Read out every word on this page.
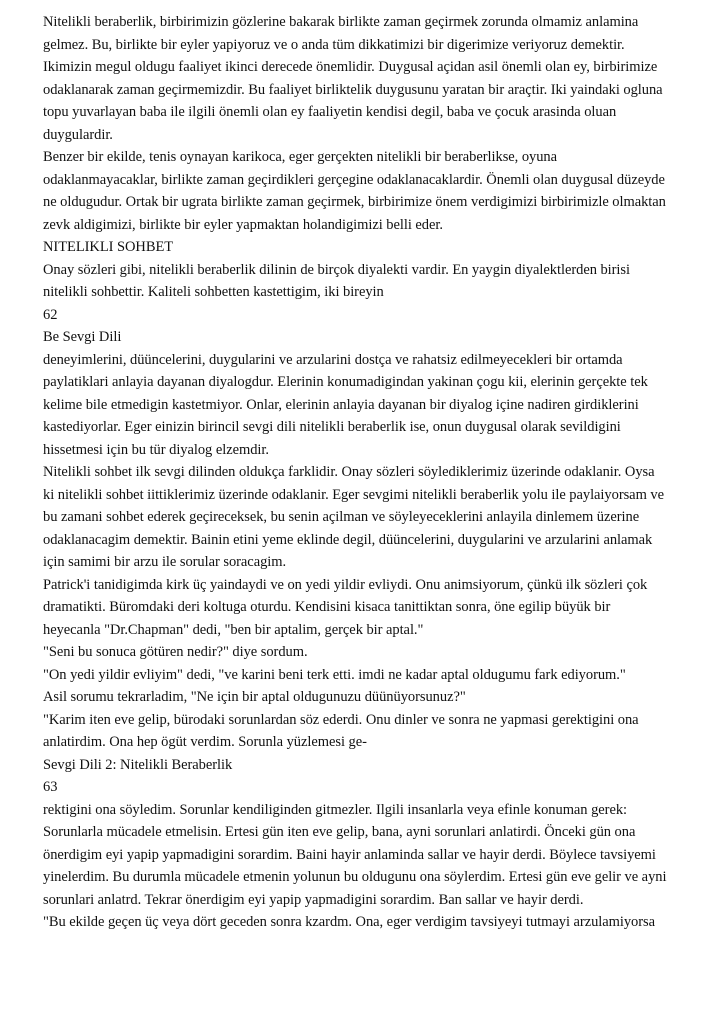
Nitelikli beraberlik, birbirimizin gözlerine bakarak birlikte zaman geçirmek zorunda olmamiz anlamina
gelmez. Bu, birlikte bir eyler yapiyoruz ve o anda tüm dikkatimizi bir digerimize veriyoruz demektir.
Ikimizin megul oldugu faaliyet ikinci derecede önemlidir. Duygusal açidan asil önemli olan ey, birbirimize
odaklanarak zaman geçirmemizdir. Bu faaliyet birliktelik duygusunu yaratan bir araçtir. Iki yaindaki ogluna
topu yuvarlayan baba ile ilgili önemli olan ey faaliyetin kendisi degil, baba ve çocuk arasinda oluan
duygulardir.
Benzer bir ekilde, tenis oynayan karikoca, eger gerçekten nitelikli bir beraberlikse, oyuna
odaklanmayacaklar, birlikte zaman geçirdikleri gerçegine odaklanacaklardir. Önemli olan duygusal düzeyde
ne oldugudur. Ortak bir ugrata birlikte zaman geçirmek, birbirimize önem verdigimizi birbirimizle olmaktan
zevk aldigimizi, birlikte bir eyler yapmaktan holandigimizi belli eder.
NITELIKLI SOHBET
Onay sözleri gibi, nitelikli beraberlik dilinin de birçok diyalekti vardir. En yaygin diyalektlerden birisi
nitelikli sohbettir. Kaliteli sohbetten kastettigim, iki bireyin
62
Be Sevgi Dili
deneyimlerini, düüncelerini, duygularini ve arzularini dostça ve rahatsiz edilmeyecekleri bir ortamda
paylatiklari anlayia dayanan diyalogdur. Elerinin konumadigindan yakinan çogu kii, elerinin gerçekte tek
kelime bile etmedigin kastetmiyor. Onlar, elerinin anlayia dayanan bir diyalog içine nadiren girdiklerini
kastediyorlar. Eger einizin birincil sevgi dili nitelikli beraberlik ise, onun duygusal olarak sevildigini
hissetmesi için bu tür diyalog elzemdir.
Nitelikli sohbet ilk sevgi dilinden oldukça farklidir. Onay sözleri söylediklerimiz üzerinde odaklanir. Oysa
ki nitelikli sohbet iittiklerimiz üzerinde odaklanir. Eger sevgimi nitelikli beraberlik yolu ile paylaiyorsam ve
bu zamani sohbet ederek geçireceksek, bu senin açilman ve söyleyeceklerini anlayila dinlemem üzerine
odaklanacagim demektir. Bainin etini yeme eklinde degil, düüncelerini, duygularini ve arzularini anlamak
için samimi bir arzu ile sorular soracagim.
Patrick'i tanidigimda kirk üç yaindaydi ve on yedi yildir evliydi. Onu animsiyorum, çünkü ilk sözleri çok
dramatikti. Büromdaki deri koltuga oturdu. Kendisini kisaca tanittiktan sonra, öne egilip büyük bir
heyecanla "Dr.Chapman" dedi, "ben bir aptalim, gerçek bir aptal."
"Seni bu sonuca götüren nedir?" diye sordum.
"On yedi yildir evliyim" dedi, "ve karini beni terk etti. imdi ne kadar aptal oldugumu fark ediyorum."
Asil sorumu tekrarladim, "Ne için bir aptal oldugunuzu düünüyorsunuz?"
"Karim iten eve gelip, bürodaki sorunlardan söz ederdi. Onu dinler ve sonra ne yapmasi gerektigini ona
anlatirdim. Ona hep ögüt verdim. Sorunla yüzlemesi ge-
Sevgi Dili 2: Nitelikli Beraberlik
63
rektigini ona söyledim. Sorunlar kendiliginden gitmezler. Ilgili insanlarla veya efinle konuman gerek:
Sorunlarla mücadele etmelisin. Ertesi gün iten eve gelip, bana, ayni sorunlari anlatirdi. Önceki gün ona
önerdigim eyi yapip yapmadigini sorardim. Baini hayir anlaminda sallar ve hayir derdi. Böylece tavsiyemi
yinelerdim. Bu durumla mücadele etmenin yolunun bu oldugunu ona söylerdim. Ertesi gün eve gelir ve ayni
sorunlari anlatrd. Tekrar önerdigim eyi yapip yapmadigini sorardim. Ban sallar ve hayir derdi.
"Bu ekilde geçen üç veya dört geceden sonra kzardm. Ona, eger verdigim tavsiyeyi tutmayi arzulamiyorsa
